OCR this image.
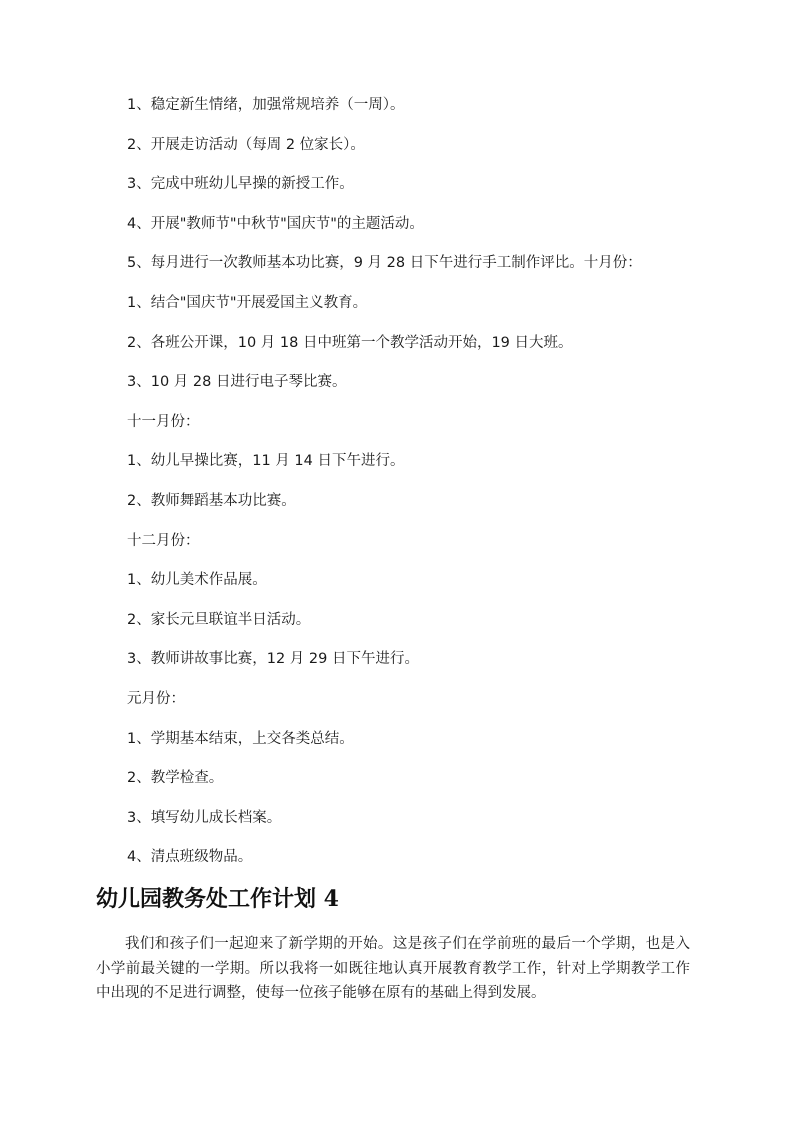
1、稳定新生情绪，加强常规培养（一周）。
2、开展走访活动（每周 2 位家长）。
3、完成中班幼儿早操的新授工作。
4、开展"教师节"中秋节"国庆节"的主题活动。
5、每月进行一次教师基本功比赛，9 月 28 日下午进行手工制作评比。十月份：
1、结合"国庆节"开展爱国主义教育。
2、各班公开课，10 月 18 日中班第一个教学活动开始，19 日大班。
3、10 月 28 日进行电子琴比赛。
十一月份：
1、幼儿早操比赛，11 月 14 日下午进行。
2、教师舞蹈基本功比赛。
十二月份：
1、幼儿美术作品展。
2、家长元旦联谊半日活动。
3、教师讲故事比赛，12 月 29 日下午进行。
元月份：
1、学期基本结束，上交各类总结。
2、教学检查。
3、填写幼儿成长档案。
4、清点班级物品。
幼儿园教务处工作计划 4

我们和孩子们一起迎来了新学期的开始。这是孩子们在学前班的最后一个学期，也是入小学前最关键的一学期。所以我将一如既往地认真开展教育教学工作，针对上学期教学工作中出现的不足进行调整，使每一位孩子能够在原有的基础上得到发展。
